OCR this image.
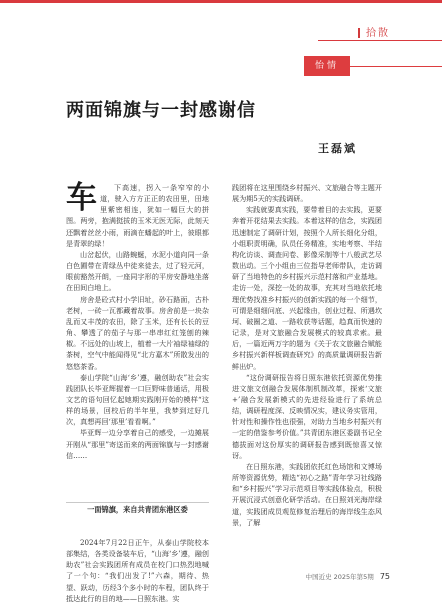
拾散
怡情
两面锦旗与一封感谢信
王磊斌

车 下高速，拐入一条窄窄的小道，驶入方方正正的农田里，田地里紫密相连，犹如一幅巨大的拼图。两旁，抱满挺拔的玉米无医无际，此刻天还飘着丝丝小雨，雨滴在蟠起的叶上，彼眼都是青翠的绿！

山岔起伏，山路蜿蜒，水泥小道向同一条白色圃带在青绿丛中徒来徒去，过了轻元河，眼前豁然开朗，一座同字形的平房安静地坐落在田间白地上。

房舍是砼式村小学旧址，砂石路面，古朴老树，一砖一瓦都藏着故事。房舍前是一块杂乱而又丰茂的农田，除了玉米，还有长长的豆角、攀透了的茄子与那一串串红红笼刨的辣椒。不远处的山坡上，植着一大片袖绿袖绿的茶树，空气中能闻得见“北方嘉木”所散发出的悠悠茶香。

泰山学院“山海‘乡’遵，融创助农”社会实践团队长毕亚辉握着一口巨野味普通话，用极文艺的语句回忆起她期实践刚开始的模样“这样的场景，回校后的半年里，我梦到过好几次，真想再回‘那里’看看啊。”

毕亚辉一边分享着自己的感受，一边摊展开刚从“那里”寄送而来的两面锦旗与一封感谢信……

一面锦旗，来自共青团东港区委

2024年7月22日正午，从泰山学院校本部集结，各类设备装车后，“山海‘乡’遵，融创助农”社会实践团所有成员在校门口热烈地喊了一个句：“我们出发了!”六森，期待、热望、跃动，历经3个多小时的车程，团队终于抵达此行的目的地——日照东港。实

践团将在这里围绕乡村振兴、文旅融合等主题开展为期5天的实践调研。

实践就要真实践，要带着目的去实践，更要奔着开花结果去实践。本着这样的信念，实践团迅速制定了调研计划，按照个人所长细化分组，小组职责明确，队员任务精准，实地考察、半结构化访谈、调查问卷、影像采制等十八般武艺尽数出动。三个小组由三位指导老师带队，走访调研了当地特色的乡村振兴示范村落和产业基地。走访一处，深挖一处的故事，充其对当地依托地理优势找准乡村振兴的创新实践的每一个细节，可谓是细细问底、兴起缘由，创业过程、所遇坎坷、破圈之道、一路收获等话题，趋真而快速的记录，是对文旅融合发展模式的较真求索。最后，一篇近两万字的题为《关于农文旅融合赋能乡村振兴新样板调查研究》的高质量调研报告新鲜出炉。

“这份调研报告将日照东港依托资源优势推进文旅文创融合发展体制机制改革，探索‘文旅+’融合发展新模式的先进经验进行了系统总结，调研程度深、反映情况实，建议务实管用，针对性和操作性也很强，对助力当地乡村振兴有一定的借鉴参考价值。”共青团东港区委副书记全德拔面对这份厚实的调研报告感到既惊喜又惊讶。

在日照东港，实践团依托红色场馆和文博场所等资源优势，精选“初心之路”青年学习社线路和“乡村振兴”学习示范项目等实践体验点，积极开展沉浸式创意化研学活动。在日照刘光海岸绿道，实践团成员观览修复治理后的海岸线生态风景，了解

中国近史 2025年第5期 75
